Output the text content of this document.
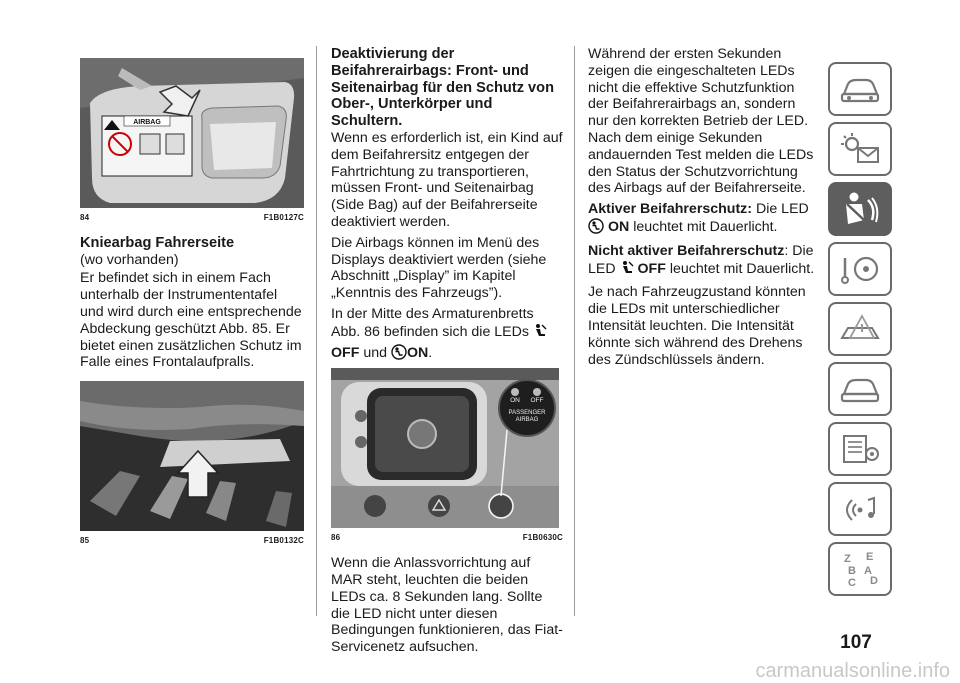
AIRBAG
84	F1B0127C
Kniearbag Fahrerseite

(wo vorhanden)

Er befindet sich in einem Fach unterhalb der Instrumententafel und wird durch eine entsprechende Abdeckung geschützt Abb. 85. Er bietet einen zusätzlichen Schutz im Falle eines Frontalaufpralls.

85	F1B0132C
Deaktivierung der Beifahrerairbags: Front- und Seitenairbag für den Schutz von Ober-, Unterkörper und Schultern.

Wenn es erforderlich ist, ein Kind auf dem Beifahrersitz entgegen der Fahrtrichtung zu transportieren, müssen Front- und Seitenairbag (Side Bag) auf der Beifahrerseite deaktiviert werden.

Die Airbags können im Menü des Displays deaktiviert werden (siehe Abschnitt „Display” im Kapitel „Kenntnis des Fahrzeugs”).

In der Mitte des Armaturenbretts Abb. 86 befinden sich die LEDs OFF und ON.

ON OFF
PASSENGER
AIRBAG
86	F1B0630C

Wenn die Anlassvorrichtung auf MAR steht, leuchten die beiden LEDs ca. 8 Sekunden lang. Sollte die LED nicht unter diesen Bedingungen funktionieren, das Fiat-Servicenetz aufsuchen.

Während der ersten Sekunden zeigen die eingeschalteten LEDs nicht die effektive Schutzfunktion der Beifahrerairbags an, sondern nur den korrekten Betrieb der LED. Nach dem einige Sekunden andauernden Test melden die LEDs den Status der Schutzvorrichtung des Airbags auf der Beifahrerseite.

Aktiver Beifahrerschutz: Die LED  ON leuchtet mit Dauerlicht.

Nicht aktiver Beifahrerschutz: Die LED OFF leuchtet mit Dauerlicht.

Je nach Fahrzeugzustand könnten die LEDs mit unterschiedlicher Intensität leuchten. Die Intensität könnte sich während des Drehens des Zündschlüssels ändern.

Z E
B A
C D
107
carmanualsonline.info
